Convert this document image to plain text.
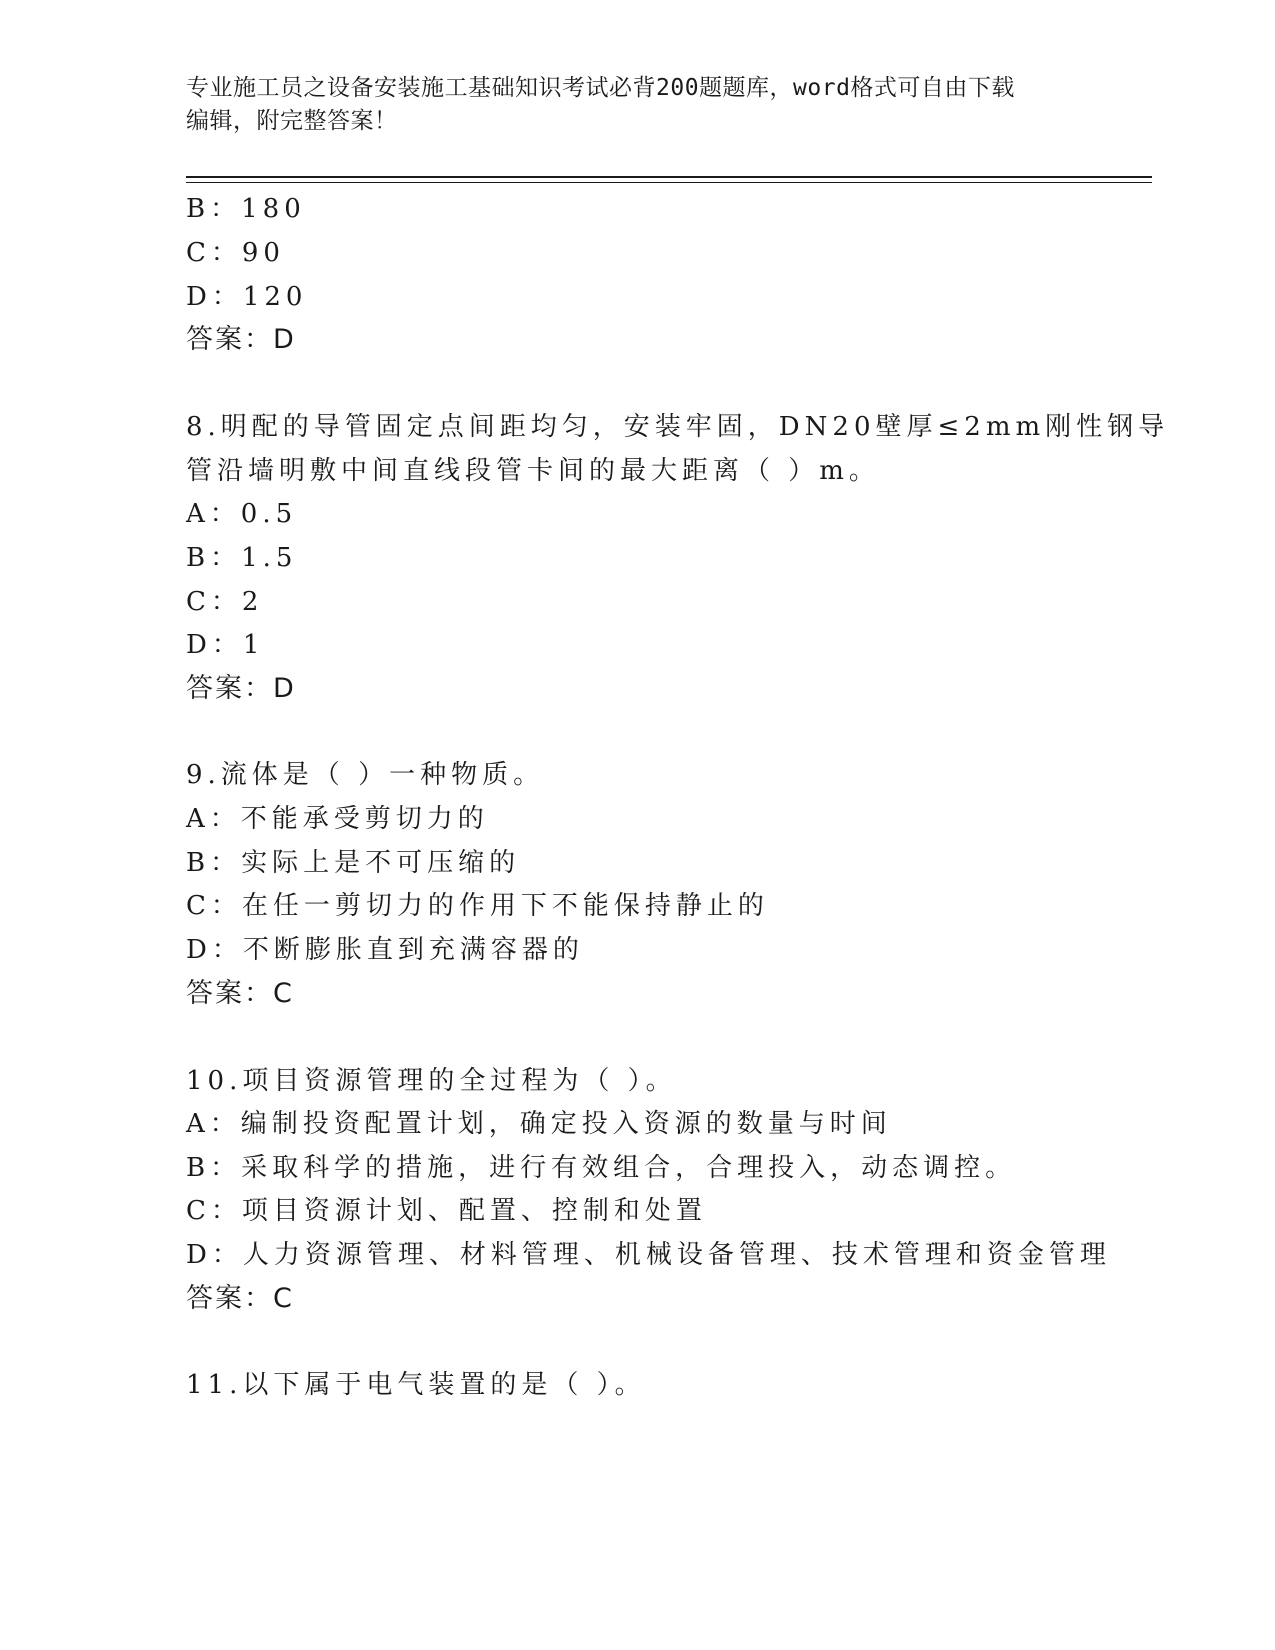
专业施工员之设备安装施工基础知识考试必背200题题库，word格式可自由下载
编辑，附完整答案！
B：180
C：90
D：120
答案：D
8.明配的导管固定点间距均匀，安装牢固，DN20壁厚≤2mm刚性钢导
管沿墙明敷中间直线段管卡间的最大距离（ ）m。
A：0.5
B：1.5
C：2
D：1
答案：D
9.流体是（ ）一种物质。
A：不能承受剪切力的
B：实际上是不可压缩的
C：在任一剪切力的作用下不能保持静止的
D：不断膨胀直到充满容器的
答案：C
10.项目资源管理的全过程为（ ）。
A：编制投资配置计划，确定投入资源的数量与时间
B：采取科学的措施，进行有效组合，合理投入，动态调控。
C：项目资源计划、配置、控制和处置
D：人力资源管理、材料管理、机械设备管理、技术管理和资金管理
答案：C
11.以下属于电气装置的是（ ）。
